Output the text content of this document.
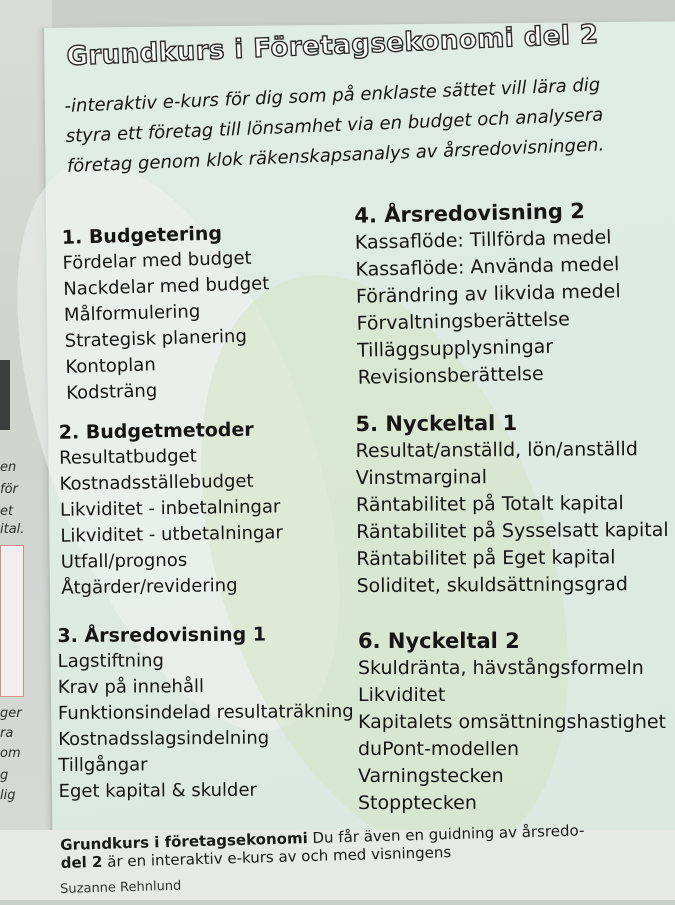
en
för
et
ital.
ger
ra
om
g
lig
Grundkurs i Företagsekonomi del 2
-interaktiv e-kurs för dig som på enklaste sättet vill lära dig
styra ett företag till lönsamhet via en budget och analysera
företag genom klok räkenskapsanalys av årsredovisningen.
1. Budgetering
Fördelar med budget
Nackdelar med budget
Målformulering
Strategisk planering
Kontoplan
Kodsträng
2. Budgetmetoder
Resultatbudget
Kostnadsställebudget
Likviditet - inbetalningar
Likviditet - utbetalningar
Utfall/prognos
Åtgärder/revidering
3. Årsredovisning 1
Lagstiftning
Krav på innehåll
Funktionsindelad resultaträkning
Kostnadsslagsindelning
Tillgångar
Eget kapital & skulder
4. Årsredovisning 2
Kassaflöde: Tillförda medel
Kassaflöde: Använda medel
Förändring av likvida medel
Förvaltningsberättelse
Tilläggsupplysningar
Revisionsberättelse
5. Nyckeltal 1
Resultat/anställd, lön/anställd
Vinstmarginal
Räntabilitet på Totalt kapital
Räntabilitet på Sysselsatt kapital
Räntabilitet på Eget kapital
Soliditet, skuldsättningsgrad
6. Nyckeltal 2
Skuldränta, hävstångsformeln
Likviditet
Kapitalets omsättningshastighet
duPont-modellen
Varningstecken
Stopptecken
Grundkurs i företagsekonomi Du får även en guidning av årsredo-
del 2 är en interaktiv e-kurs av och med visningens
Suzanne Rehnlund
